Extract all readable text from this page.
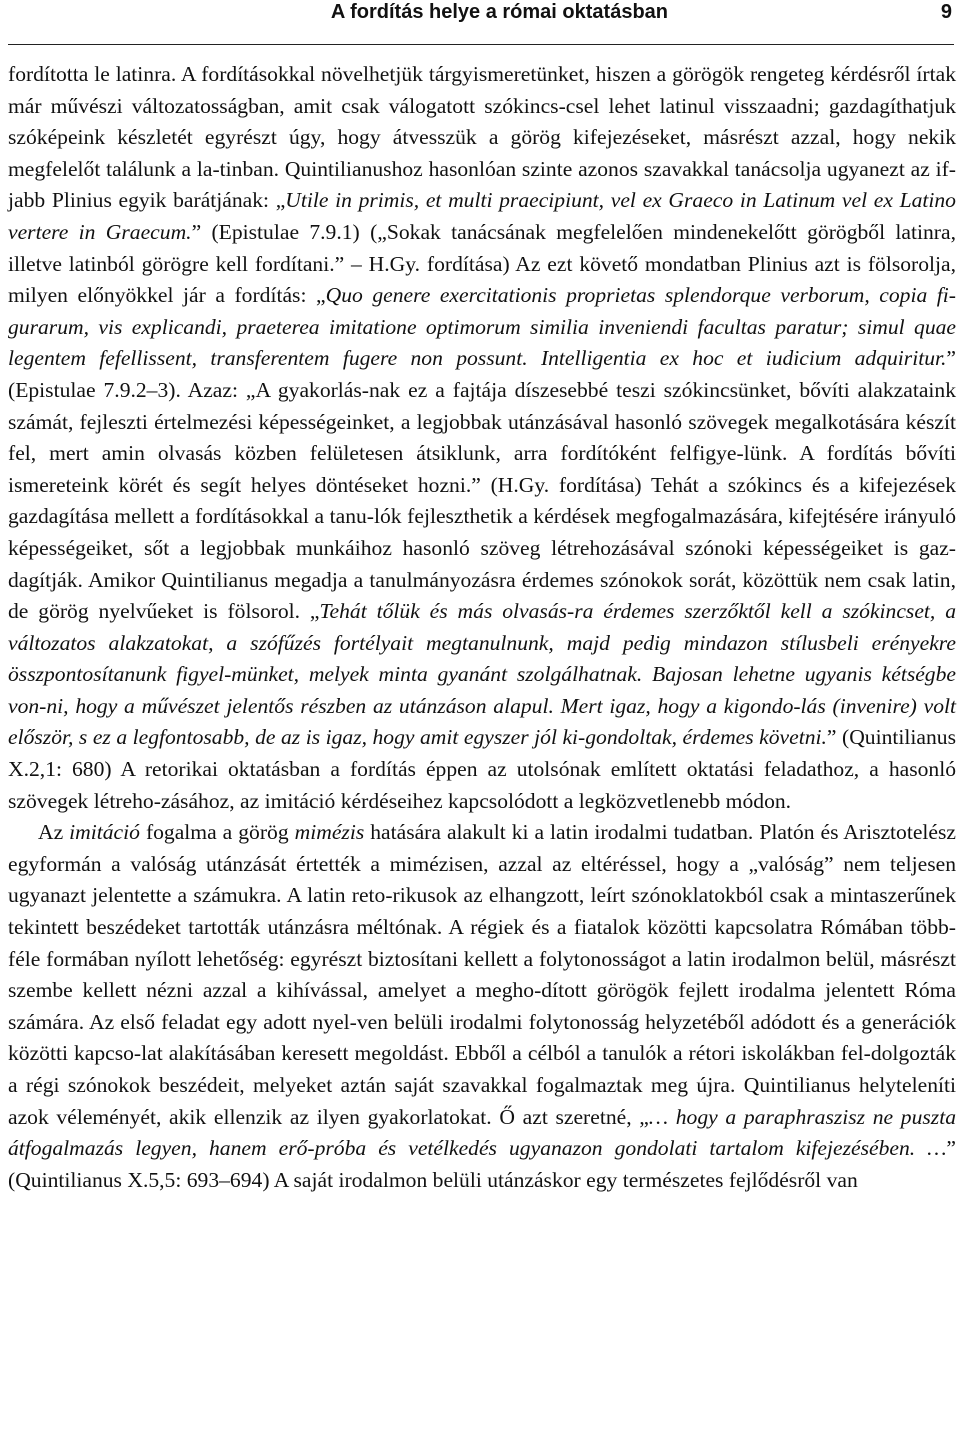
A fordítás helye a római oktatásban	9

fordította le latinra. A fordításokkal növelhetjük tárgyismeretünket, hiszen a görögök rengeteg kérdésről írtak már művészi változatosságban, amit csak válogatott szókincs-csel lehet latinul visszaadni; gazdagíthatjuk szóképeink készletét egyrészt úgy, hogy átvesszük a görög kifejezéseket, másrészt azzal, hogy nekik megfelelőt találunk a la-tinban. Quintilianushoz hasonlóan szinte azonos szavakkal tanácsolja ugyanezt az if-jabb Plinius egyik barátjának: „Utile in primis, et multi praecipiunt, vel ex Graeco in Latinum vel ex Latino vertere in Graecum.” (Epistulae 7.9.1) („Sokak tanácsának megfelelően mindenekelőtt görögből latinra, illetve latinból görögre kell fordítani.” – H.Gy. fordítása) Az ezt követő mondatban Plinius azt is fölsorolja, milyen előnyökkel jár a fordítás: „Quo genere exercitationis proprietas splendorque verborum, copia fi-gurarum, vis explicandi, praeterea imitatione optimorum similia inveniendi facultas paratur; simul quae legentem fefellissent, transferentem fugere non possunt. Intelligentia ex hoc et iudicium adquiritur.” (Epistulae 7.9.2–3). Azaz: „A gyakorlás-nak ez a fajtája díszesebbé teszi szókincsünket, bővíti alakzataink számát, fejleszti értelmezési képességeinket, a legjobbak utánzásával hasonló szövegek megalkotására készít fel, mert amin olvasás közben felületesen átsiklunk, arra fordítóként felfigye-lünk. A fordítás bővíti ismereteink körét és segít helyes döntéseket hozni.” (H.Gy. fordítása) Tehát a szókincs és a kifejezések gazdagítása mellett a fordításokkal a tanu-lók fejleszthetik a kérdések megfogalmazására, kifejtésére irányuló képességeiket, sőt a legjobbak munkáihoz hasonló szöveg létrehozásával szónoki képességeiket is gaz-dagítják. Amikor Quintilianus megadja a tanulmányozásra érdemes szónokok sorát, közöttük nem csak latin, de görög nyelvűeket is fölsorol. „Tehát tőlük és más olvasás-ra érdemes szerzőktől kell a szókincset, a változatos alakzatokat, a szófűzés fortélyait megtanulnunk, majd pedig mindazon stílusbeli erényekre összpontosítanunk figyel-münket, melyek minta gyanánt szolgálhatnak. Bajosan lehetne ugyanis kétségbe von-ni, hogy a művészet jelentős részben az utánzáson alapul. Mert igaz, hogy a kigondo-lás (invenire) volt először, s ez a legfontosabb, de az is igaz, hogy amit egyszer jól ki-gondoltak, érdemes követni.” (Quintilianus X.2,1: 680) A retorikai oktatásban a fordítás éppen az utolsónak említett oktatási feladathoz, a hasonló szövegek létreho-zásához, az imitáció kérdéseihez kapcsolódott a legközvetlenebb módon.

Az imitáció fogalma a görög mimézis hatására alakult ki a latin irodalmi tudatban. Platón és Arisztotelész egyformán a valóság utánzását értették a mimézisen, azzal az eltéréssel, hogy a „valóság” nem teljesen ugyanazt jelentette a számukra. A latin reto-rikusok az elhangzott, leírt szónoklatokból csak a mintaszerűnek tekintett beszédeket tartották utánzásra méltónak. A régiek és a fiatalok közötti kapcsolatra Rómában több-féle formában nyílott lehetőség: egyrészt biztosítani kellett a folytonosságot a latin irodalmon belül, másrészt szembe kellett nézni azzal a kihívással, amelyet a megho-dított görögök fejlett irodalma jelentett Róma számára. Az első feladat egy adott nyel-ven belüli irodalmi folytonosság helyzetéből adódott és a generációk közötti kapcso-lat alakításában keresett megoldást. Ebből a célból a tanulók a rétori iskolákban fel-dolgozták a régi szónokok beszédeit, melyeket aztán saját szavakkal fogalmaztak meg újra. Quintilianus helyteleníti azok véleményét, akik ellenzik az ilyen gyakorlatokat. Ő azt szeretné, „… hogy a paraphraszisz ne puszta átfogalmazás legyen, hanem erő-próba és vetélkedés ugyanazon gondolati tartalom kifejezésében. …” (Quintilianus X.5,5: 693–694) A saját irodalmon belüli utánzáskor egy természetes fejlődésről van
